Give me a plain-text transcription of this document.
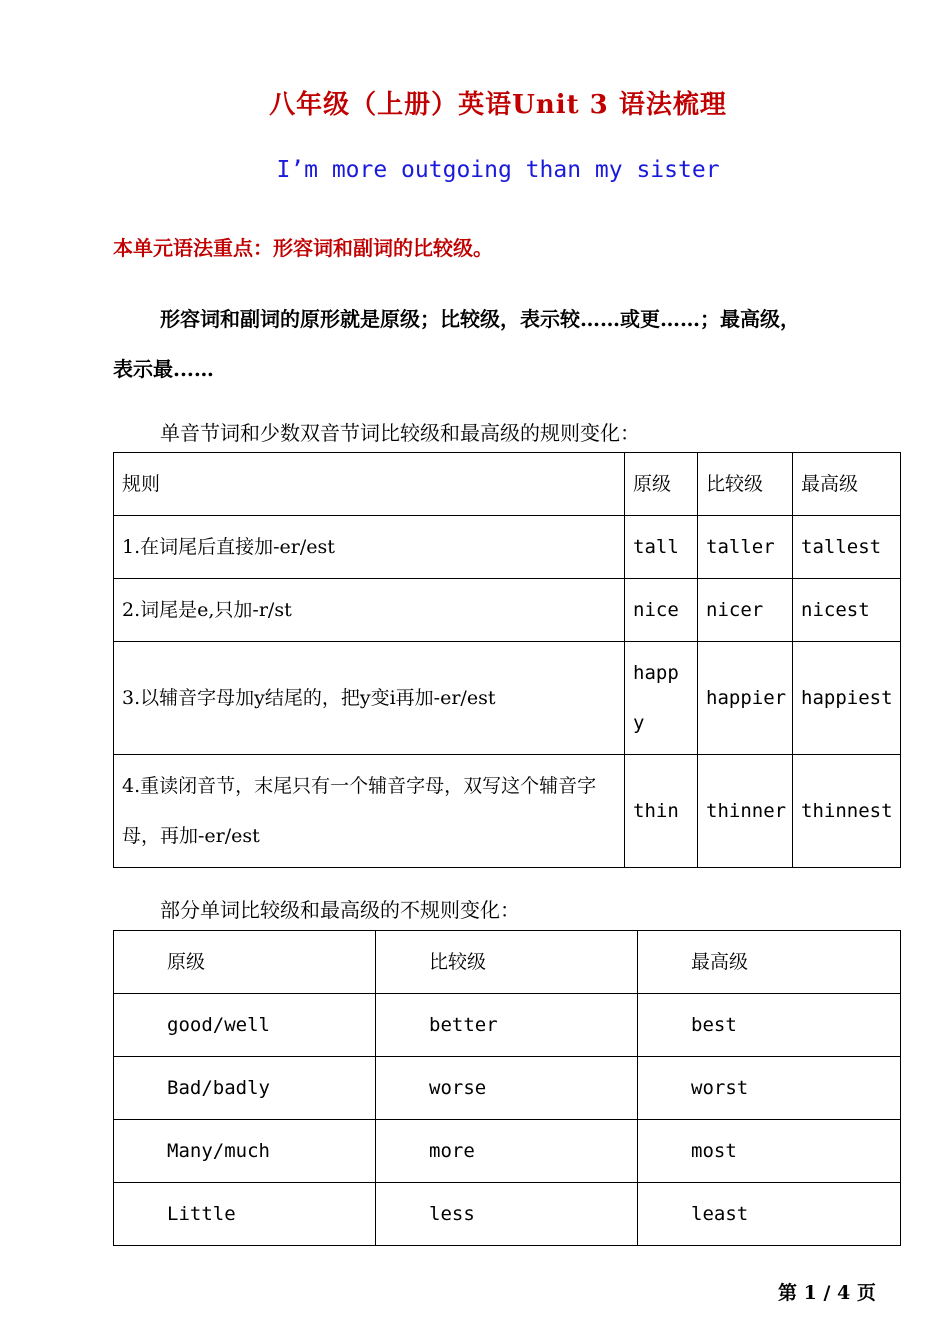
八年级（上册）英语Unit 3 语法梳理
I’m more outgoing than my sister
本单元语法重点：形容词和副词的比较级。
形容词和副词的原形就是原级；比较级，表示较……或更……；最高级，
表示最...…
单音节词和少数双音节词比较级和最高级的规则变化：
规则	原级	比较级	最高级
1.在词尾后直接加-er/est	tall	taller	tallest
2.词尾是e,只加-r/st	nice	nicer	nicest
3.以辅音字母加y结尾的，把y变i再加-er/est	happy	happier	happiest
4.重读闭音节，末尾只有一个辅音字母，双写这个辅音字母，再加-er/est	thin	thinner	thinnest
部分单词比较级和最高级的不规则变化：
原级	比较级	最高级
good/well	better	best
Bad/badly	worse	worst
Many/much	more	most
Little	less	least
第 1 / 4 页
